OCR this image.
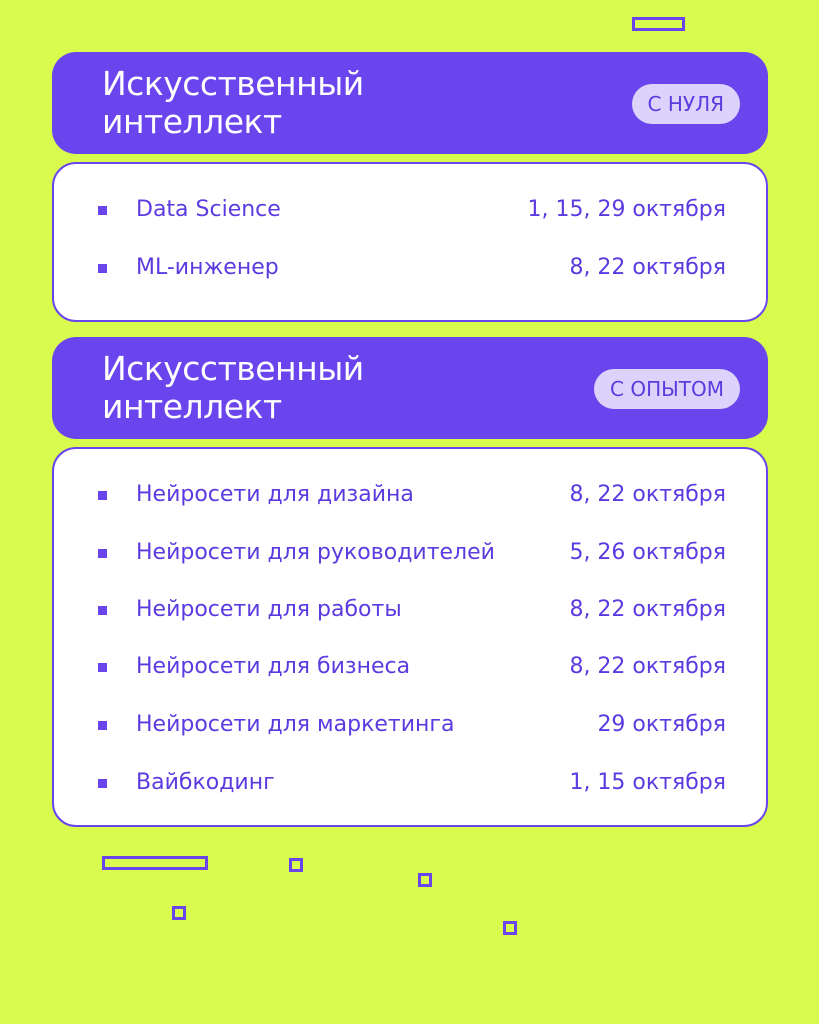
Искусственный интеллект	С НУЛЯ
Data Science	1, 15, 29 октября
ML-инженер	8, 22 октября
Искусственный интеллект	С ОПЫТОМ
Нейросети для дизайна	8, 22 октября
Нейросети для руководителей	5, 26 октября
Нейросети для работы	8, 22 октября
Нейросети для бизнеса	8, 22 октября
Нейросети для маркетинга	29 октября
Вайбкодинг	1, 15 октября
